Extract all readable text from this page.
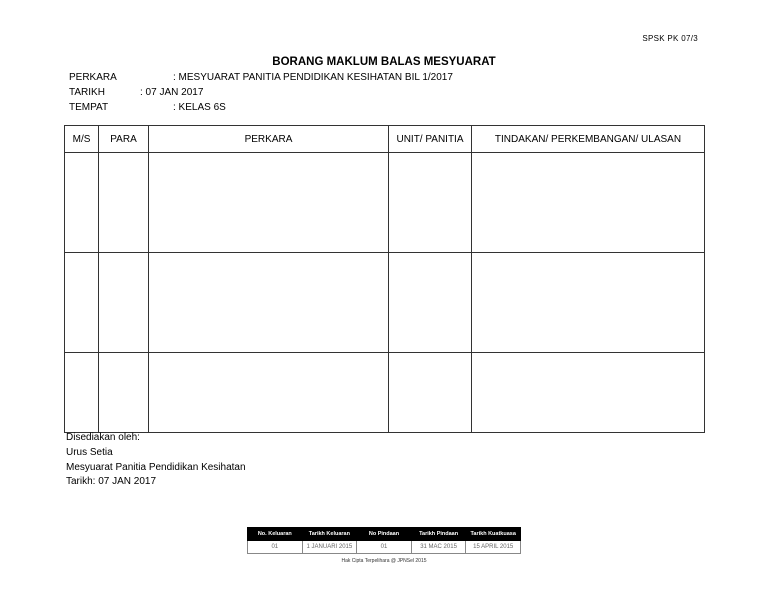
SPSK PK 07/3
BORANG MAKLUM BALAS MESYUARAT
PERKARA	: MESYUARAT PANITIA PENDIDIKAN KESIHATAN BIL 1/2017
TARIKH	: 07 JAN 2017
TEMPAT	: KELAS 6S
M/S	PARA	PERKARA	UNIT/ PANITIA	TINDAKAN/ PERKEMBANGAN/ ULASAN

Disediakan oleh:
Urus Setia
Mesyuarat Panitia Pendidikan Kesihatan
Tarikh: 07 JAN 2017
No. Keluaran	Tarikh Keluaran	No Pindaan	Tarikh Pindaan	Tarikh Kuatkuasa
01	1 JANUARI 2015	01	31 MAC 2015	15 APRIL 2015
Hak Cipta Terpelihara @ JPNSel 2015
